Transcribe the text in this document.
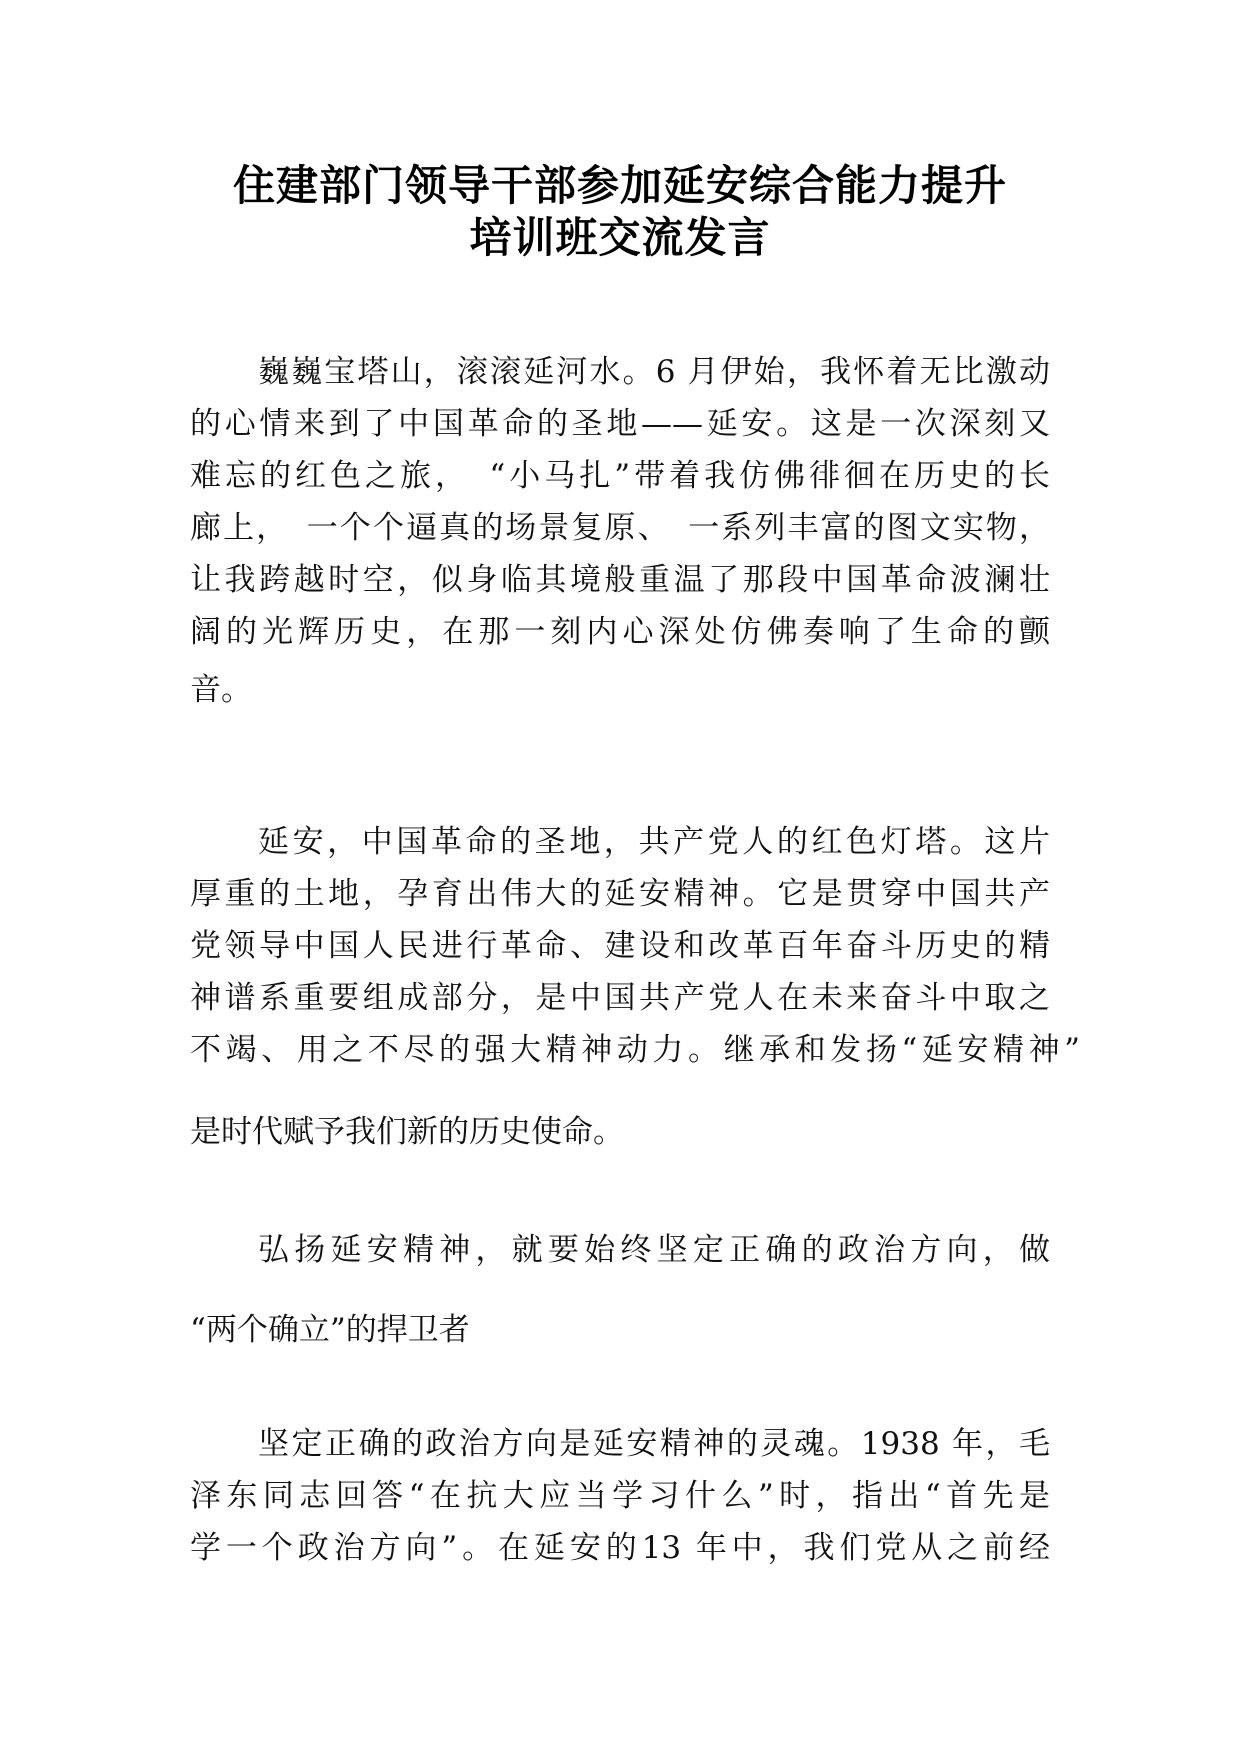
住建部门领导干部参加延安综合能力提升
培训班交流发言
巍巍宝塔山，滚滚延河水。6 月伊始，我怀着无比激动
的心情来到了中国革命的圣地——延安。这是一次深刻又
难忘的红色之旅，　“小马扎”带着我仿佛徘徊在历史的长
廊上，　一个个逼真的场景复原、　一系列丰富的图文实物，
让我跨越时空，似身临其境般重温了那段中国革命波澜壮
阔的光辉历史，在那一刻内心深处仿佛奏响了生命的颤
音。
延安，中国革命的圣地，共产党人的红色灯塔。这片
厚重的土地，孕育出伟大的延安精神。它是贯穿中国共产
党领导中国人民进行革命、建设和改革百年奋斗历史的精
神谱系重要组成部分，是中国共产党人在未来奋斗中取之
不竭、用之不尽的强大精神动力。继承和发扬“延安精神”
是时代赋予我们新的历史使命。
弘扬延安精神，就要始终坚定正确的政治方向，做
“两个确立”的捍卫者
坚定正确的政治方向是延安精神的灵魂。1938 年，毛
泽东同志回答“在抗大应当学习什么”时，指出“首先是
学一个政治方向”。在延安的13 年中，我们党从之前经
